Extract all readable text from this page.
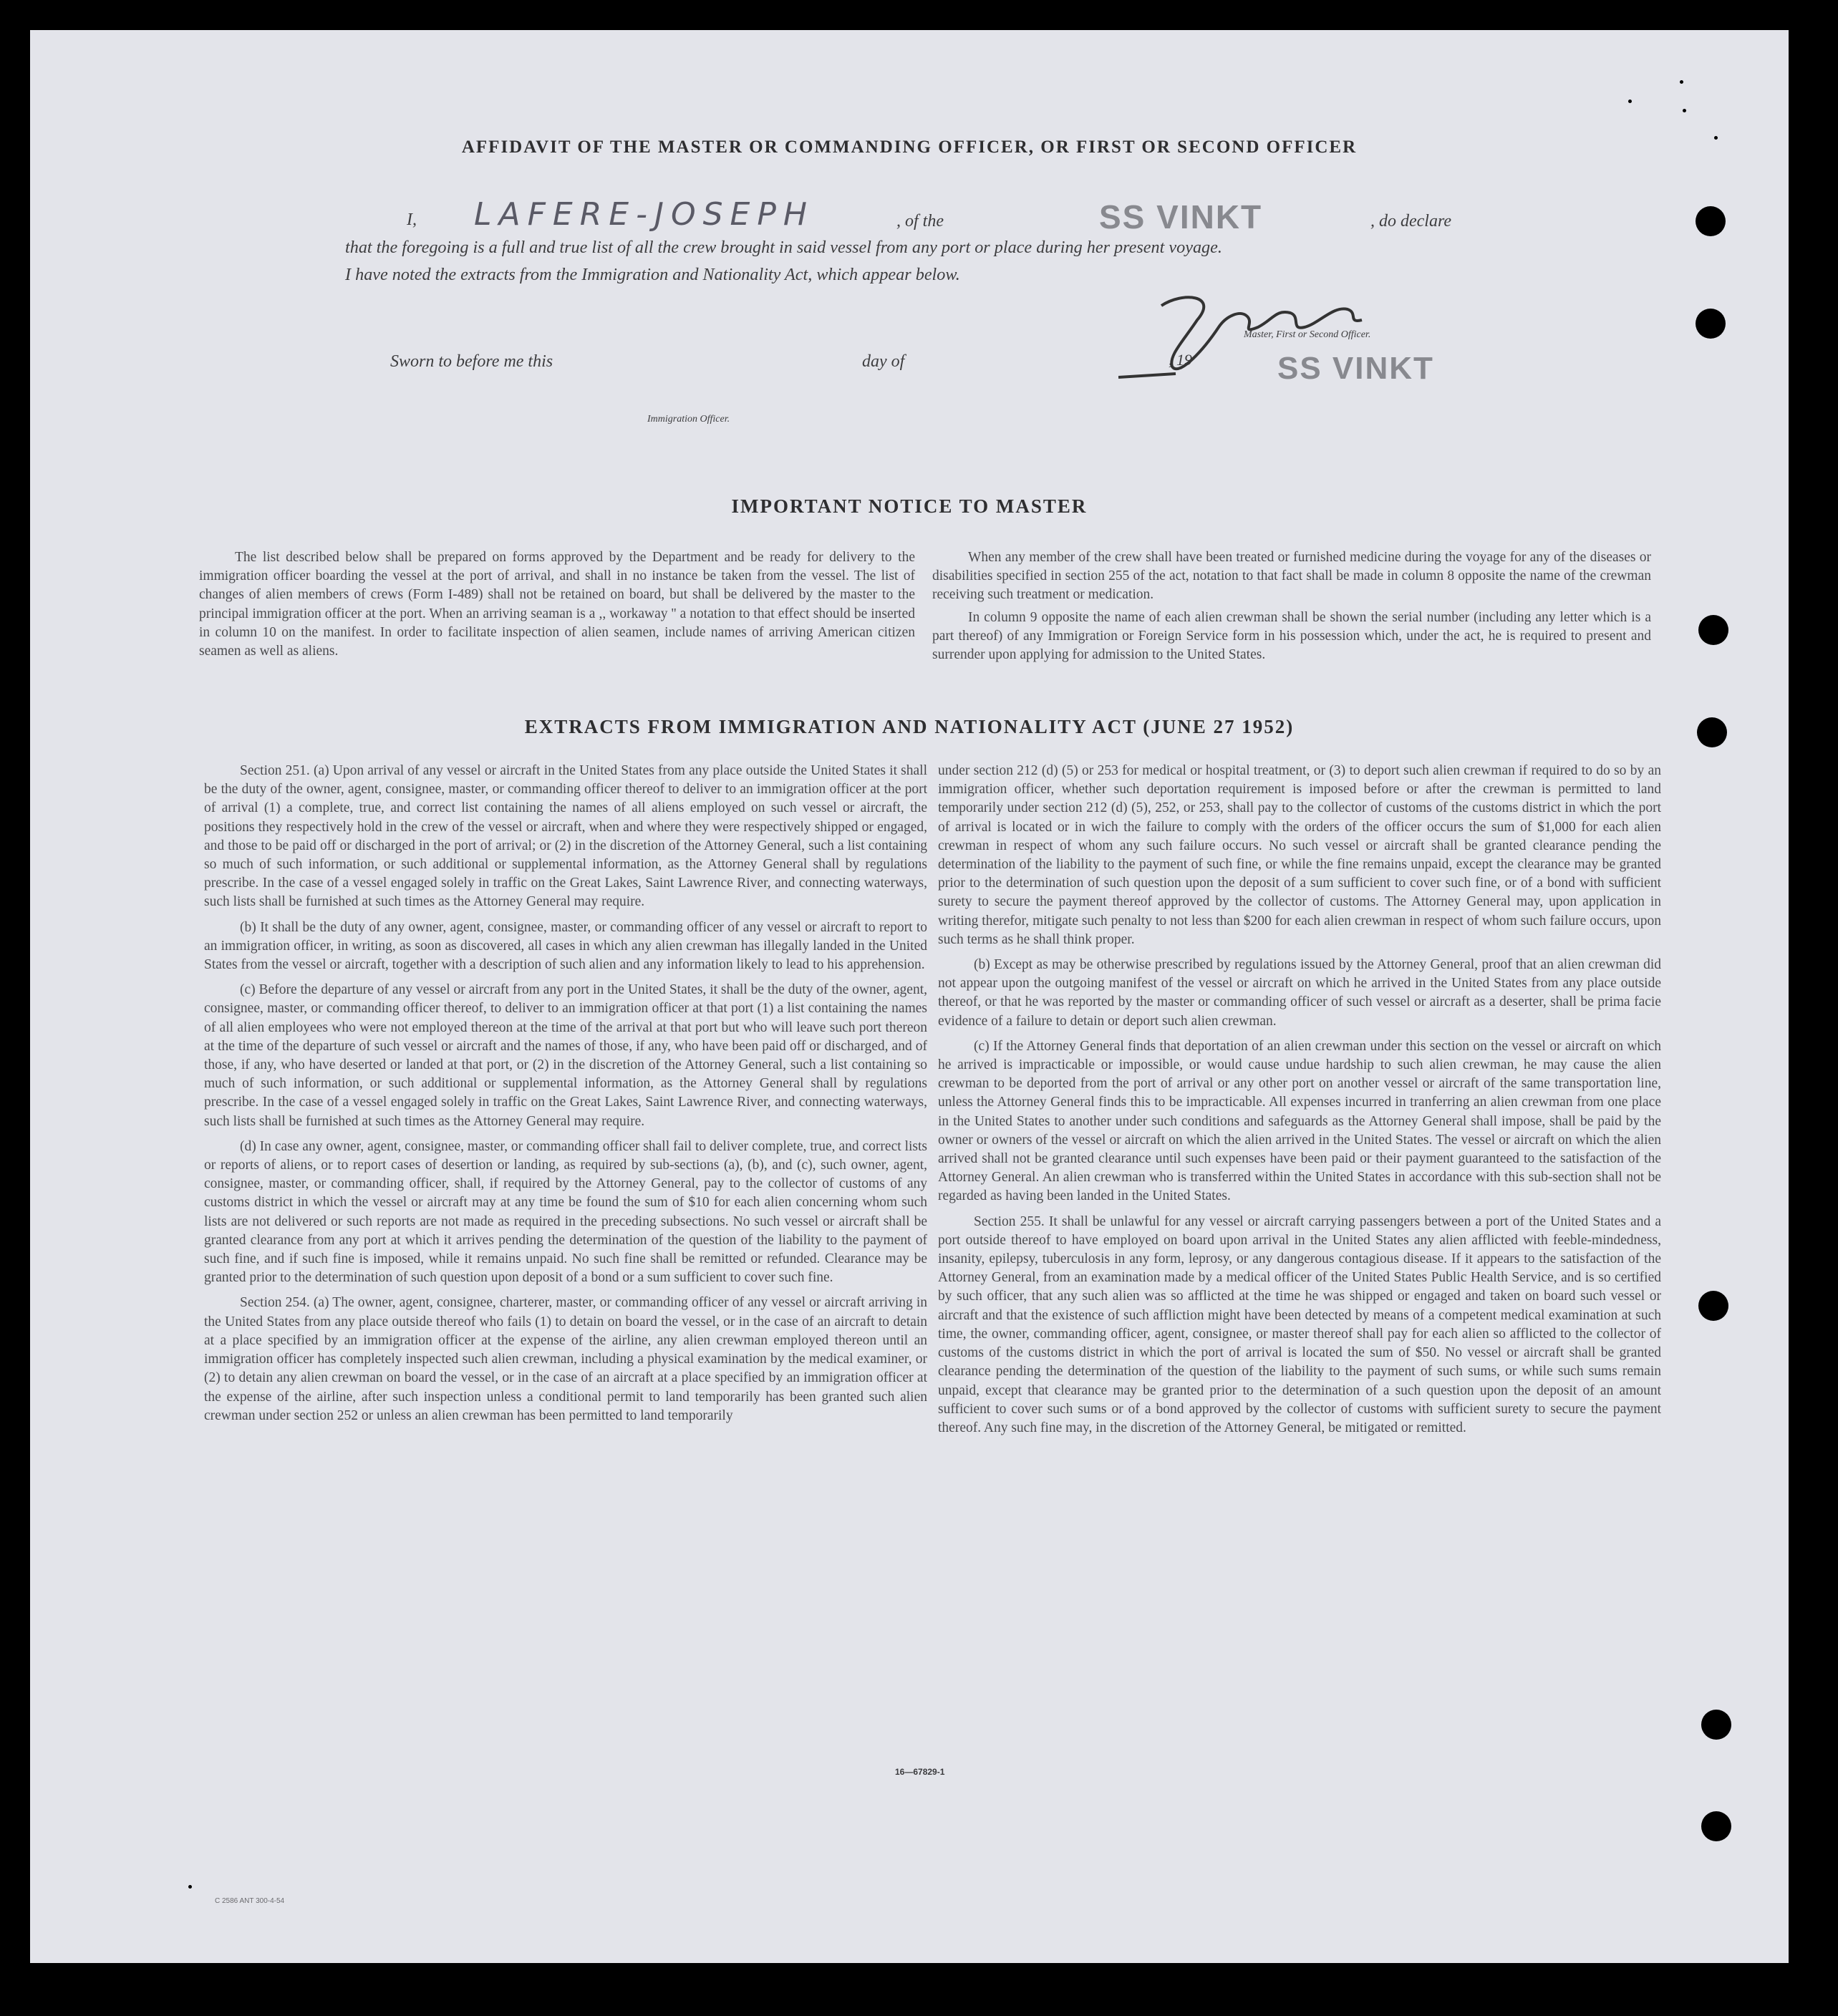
AFFIDAVIT OF THE MASTER OR COMMANDING OFFICER, OR FIRST OR SECOND OFFICER
I, LAFERE-JOSEPH	, of the	SS VINKT	, do declare
that the foregoing is a full and true list of all the crew brought in said vessel from any port or place during her present voyage.
I have noted the extracts from the Immigration and Nationality Act, which appear below.
Sworn to before me this	day of	, 19
Master, First or Second Officer.
SS VINKT
Immigration Officer.
IMPORTANT NOTICE TO MASTER

The list described below shall be prepared on forms approved by the Department and be ready for delivery to the immigration officer boarding the vessel at the port of arrival, and shall in no instance be taken from the vessel. The list of changes of alien members of crews (Form I-489) shall not be retained on board, but shall be delivered by the master to the principal immigration officer at the port. When an arriving seaman is a ,, workaway '' a notation to that effect should be inserted in column 10 on the manifest. In order to facilitate inspection of alien seamen, include names of arriving American citizen seamen as well as aliens.

When any member of the crew shall have been treated or furnished medicine during the voyage for any of the diseases or disabilities specified in section 255 of the act, notation to that fact shall be made in column 8 opposite the name of the crewman receiving such treatment or medication.

In column 9 opposite the name of each alien crewman shall be shown the serial number (including any letter which is a part thereof) of any Immigration or Foreign Service form in his possession which, under the act, he is required to present and surrender upon applying for admission to the United States.

EXTRACTS FROM IMMIGRATION AND NATIONALITY ACT (JUNE 27 1952)

Section 251. (a) Upon arrival of any vessel or aircraft in the United States from any place outside the United States it shall be the duty of the owner, agent, consignee, master, or commanding officer thereof to deliver to an immigration officer at the port of arrival (1) a complete, true, and correct list containing the names of all aliens employed on such vessel or aircraft, the positions they respectively hold in the crew of the vessel or aircraft, when and where they were respectively shipped or engaged, and those to be paid off or discharged in the port of arrival; or (2) in the discretion of the Attorney General, such a list containing so much of such information, or such additional or supplemental information, as the Attorney General shall by regulations prescribe. In the case of a vessel engaged solely in traffic on the Great Lakes, Saint Lawrence River, and connecting waterways, such lists shall be furnished at such times as the Attorney General may require.

(b) It shall be the duty of any owner, agent, consignee, master, or commanding officer of any vessel or aircraft to report to an immigration officer, in writing, as soon as discovered, all cases in which any alien crewman has illegally landed in the United States from the vessel or aircraft, together with a description of such alien and any information likely to lead to his apprehension.

(c) Before the departure of any vessel or aircraft from any port in the United States, it shall be the duty of the owner, agent, consignee, master, or commanding officer thereof, to deliver to an immigration officer at that port (1) a list containing the names of all alien employees who were not employed thereon at the time of the arrival at that port but who will leave such port thereon at the time of the departure of such vessel or aircraft and the names of those, if any, who have been paid off or discharged, and of those, if any, who have deserted or landed at that port, or (2) in the discretion of the Attorney General, such a list containing so much of such information, or such additional or supplemental information, as the Attorney General shall by regulations prescribe. In the case of a vessel engaged solely in traffic on the Great Lakes, Saint Lawrence River, and connecting waterways, such lists shall be furnished at such times as the Attorney General may require.

(d) In case any owner, agent, consignee, master, or commanding officer shall fail to deliver complete, true, and correct lists or reports of aliens, or to report cases of desertion or landing, as required by sub-sections (a), (b), and (c), such owner, agent, consignee, master, or commanding officer, shall, if required by the Attorney General, pay to the collector of customs of any customs district in which the vessel or aircraft may at any time be found the sum of $10 for each alien concerning whom such lists are not delivered or such reports are not made as required in the preceding subsections. No such vessel or aircraft shall be granted clearance from any port at which it arrives pending the determination of the question of the liability to the payment of such fine, and if such fine is imposed, while it remains unpaid. No such fine shall be remitted or refunded. Clearance may be granted prior to the determination of such question upon deposit of a bond or a sum sufficient to cover such fine.

Section 254. (a) The owner, agent, consignee, charterer, master, or commanding officer of any vessel or aircraft arriving in the United States from any place outside thereof who fails (1) to detain on board the vessel, or in the case of an aircraft to detain at a place specified by an immigration officer at the expense of the airline, any alien crewman employed thereon until an immigration officer has completely inspected such alien crewman, including a physical examination by the medical examiner, or (2) to detain any alien crewman on board the vessel, or in the case of an aircraft at a place specified by an immigration officer at the expense of the airline, after such inspection unless a conditional permit to land temporarily has been granted such alien crewman under section 252 or unless an alien crewman has been permitted to land temporarily

under section 212 (d) (5) or 253 for medical or hospital treatment, or (3) to deport such alien crewman if required to do so by an immigration officer, whether such deportation requirement is imposed before or after the crewman is permitted to land temporarily under section 212 (d) (5), 252, or 253, shall pay to the collector of customs of the customs district in which the port of arrival is located or in wich the failure to comply with the orders of the officer occurs the sum of $1,000 for each alien crewman in respect of whom any such failure occurs. No such vessel or aircraft shall be granted clearance pending the determination of the liability to the payment of such fine, or while the fine remains unpaid, except the clearance may be granted prior to the determination of such question upon the deposit of a sum sufficient to cover such fine, or of a bond with sufficient surety to secure the payment thereof approved by the collector of customs. The Attorney General may, upon application in writing therefor, mitigate such penalty to not less than $200 for each alien crewman in respect of whom such failure occurs, upon such terms as he shall think proper.

(b) Except as may be otherwise prescribed by regulations issued by the Attorney General, proof that an alien crewman did not appear upon the outgoing manifest of the vessel or aircraft on which he arrived in the United States from any place outside thereof, or that he was reported by the master or commanding officer of such vessel or aircraft as a deserter, shall be prima facie evidence of a failure to detain or deport such alien crewman.

(c) If the Attorney General finds that deportation of an alien crewman under this section on the vessel or aircraft on which he arrived is impracticable or impossible, or would cause undue hardship to such alien crewman, he may cause the alien crewman to be deported from the port of arrival or any other port on another vessel or aircraft of the same transportation line, unless the Attorney General finds this to be impracticable. All expenses incurred in tranferring an alien crewman from one place in the United States to another under such conditions and safeguards as the Attorney General shall impose, shall be paid by the owner or owners of the vessel or aircraft on which the alien arrived in the United States. The vessel or aircraft on which the alien arrived shall not be granted clearance until such expenses have been paid or their payment guaranteed to the satisfaction of the Attorney General. An alien crewman who is transferred within the United States in accordance with this sub-section shall not be regarded as having been landed in the United States.

Section 255. It shall be unlawful for any vessel or aircraft carrying passengers between a port of the United States and a port outside thereof to have employed on board upon arrival in the United States any alien afflicted with feeble-mindedness, insanity, epilepsy, tuberculosis in any form, leprosy, or any dangerous contagious disease. If it appears to the satisfaction of the Attorney General, from an examination made by a medical officer of the United States Public Health Service, and is so certified by such officer, that any such alien was so afflicted at the time he was shipped or engaged and taken on board such vessel or aircraft and that the existence of such affliction might have been detected by means of a competent medical examination at such time, the owner, commanding officer, agent, consignee, or master thereof shall pay for each alien so afflicted to the collector of customs of the customs district in which the port of arrival is located the sum of $50. No vessel or aircraft shall be granted clearance pending the determination of the question of the liability to the payment of such sums, or while such sums remain unpaid, except that clearance may be granted prior to the determination of a such question upon the deposit of an amount sufficient to cover such sums or of a bond approved by the collector of customs with sufficient surety to secure the payment thereof. Any such fine may, in the discretion of the Attorney General, be mitigated or remitted.

16—67829-1
C 2586 ANT 300-4-54
